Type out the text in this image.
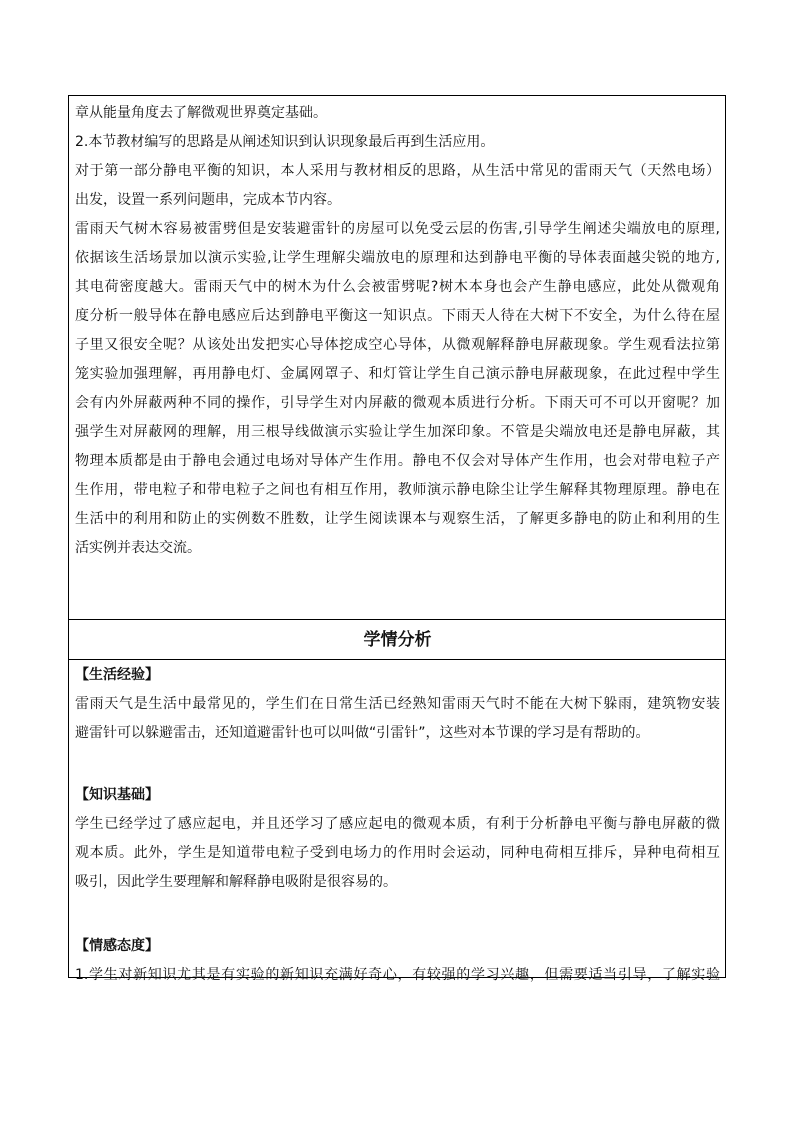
章从能量角度去了解微观世界奠定基础。
2.本节教材编写的思路是从阐述知识到认识现象最后再到生活应用。
对于第一部分静电平衡的知识，本人采用与教材相反的思路，从生活中常见的雷雨天气（天然电场）
出发，设置一系列问题串，完成本节内容。
雷雨天气树木容易被雷劈但是安装避雷针的房屋可以免受云层的伤害,引导学生阐述尖端放电的原理,
依据该生活场景加以演示实验,让学生理解尖端放电的原理和达到静电平衡的导体表面越尖锐的地方,
其电荷密度越大。雷雨天气中的树木为什么会被雷劈呢?树木本身也会产生静电感应，此处从微观角
度分析一般导体在静电感应后达到静电平衡这一知识点。下雨天人待在大树下不安全，为什么待在屋
子里又很安全呢？从该处出发把实心导体挖成空心导体，从微观解释静电屏蔽现象。学生观看法拉第
笼实验加强理解，再用静电灯、金属网罩子、和灯管让学生自己演示静电屏蔽现象，在此过程中学生
会有内外屏蔽两种不同的操作，引导学生对内屏蔽的微观本质进行分析。下雨天可不可以开窗呢？加
强学生对屏蔽网的理解，用三根导线做演示实验让学生加深印象。不管是尖端放电还是静电屏蔽，其
物理本质都是由于静电会通过电场对导体产生作用。静电不仅会对导体产生作用，也会对带电粒子产
生作用，带电粒子和带电粒子之间也有相互作用，教师演示静电除尘让学生解释其物理原理。静电在
生活中的利用和防止的实例数不胜数，让学生阅读课本与观察生活，了解更多静电的防止和利用的生
活实例并表达交流。
学情分析
【生活经验】
雷雨天气是生活中最常见的，学生们在日常生活已经熟知雷雨天气时不能在大树下躲雨，建筑物安装
避雷针可以躲避雷击，还知道避雷针也可以叫做“引雷针”，这些对本节课的学习是有帮助的。
【知识基础】
学生已经学过了感应起电，并且还学习了感应起电的微观本质，有利于分析静电平衡与静电屏蔽的微
观本质。此外，学生是知道带电粒子受到电场力的作用时会运动，同种电荷相互排斥，异种电荷相互
吸引，因此学生要理解和解释静电吸附是很容易的。
【情感态度】
1.学生对新知识尤其是有实验的新知识充满好奇心，有较强的学习兴趣，但需要适当引导，了解实验
